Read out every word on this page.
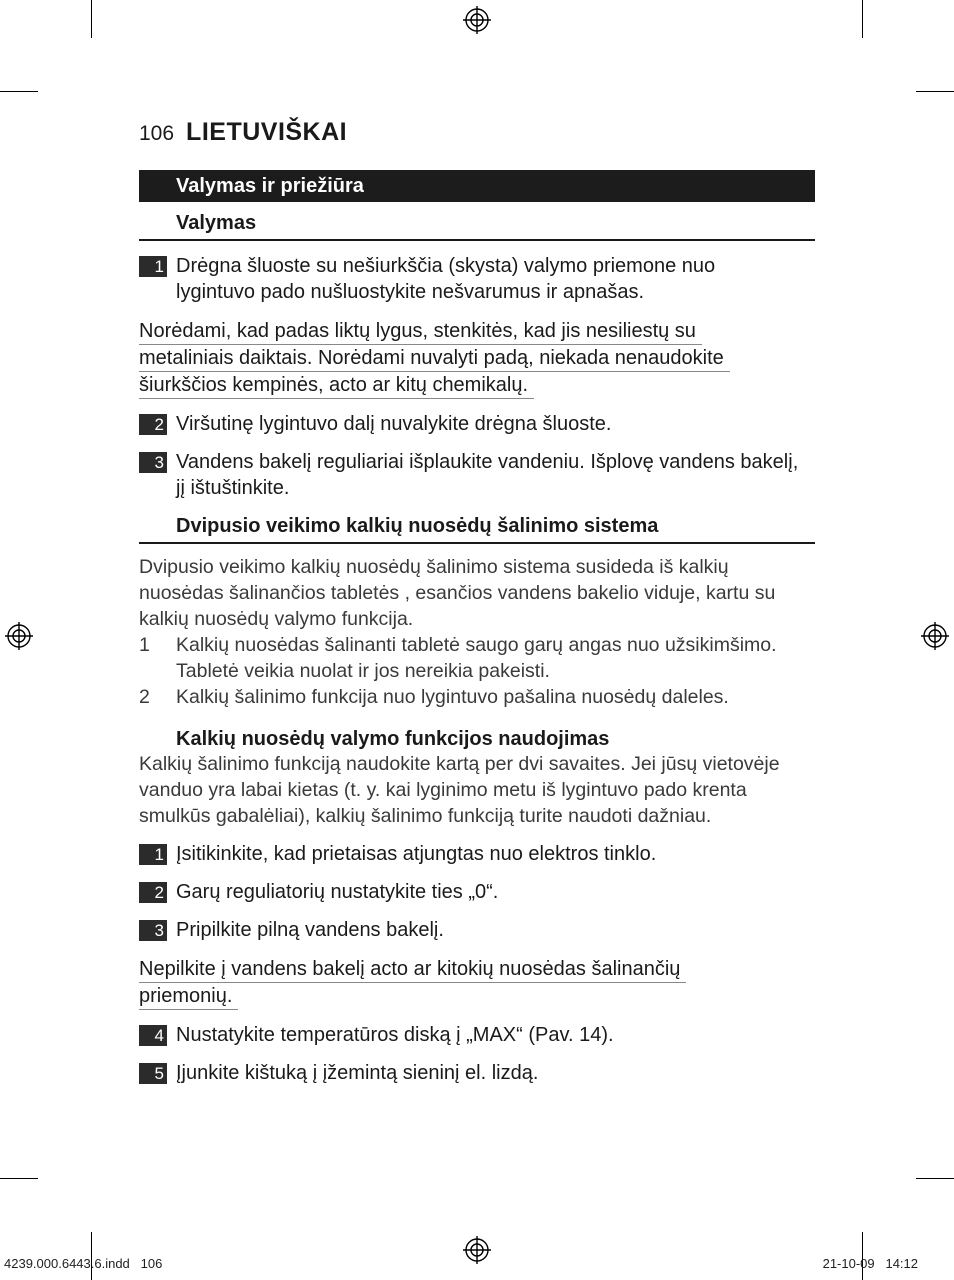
106 LIETUVIŠKAI
Valymas ir priežiūra
Valymas
1 Drėgna šluoste su nešiurkščia (skysta) valymo priemone nuo
lygintuvo pado nušluostykite nešvarumus ir apnašas.
Norėdami, kad padas liktų lygus, stenkitės, kad jis nesiliestų su
metaliniais daiktais. Norėdami nuvalyti padą, niekada nenaudokite
šiurkščios kempinės, acto ar kitų chemikalų.
2 Viršutinę lygintuvo dalį nuvalykite drėgna šluoste.
3 Vandens bakelį reguliariai išplaukite vandeniu. Išplovę vandens bakelį,
jį ištuštinkite.
Dvipusio veikimo kalkių nuosėdų šalinimo sistema
Dvipusio veikimo kalkių nuosėdų šalinimo sistema susideda iš kalkių
nuosėdas šalinančios tabletės , esančios vandens bakelio viduje, kartu su
kalkių nuosėdų valymo funkcija.
1	Kalkių nuosėdas šalinanti tabletė saugo garų angas nuo užsikimšimo.
Tabletė veikia nuolat ir jos nereikia pakeisti.
2	Kalkių šalinimo funkcija nuo lygintuvo pašalina nuosėdų daleles.
Kalkių nuosėdų valymo funkcijos naudojimas
Kalkių šalinimo funkciją naudokite kartą per dvi savaites. Jei jūsų vietovėje
vanduo yra labai kietas (t. y. kai lyginimo metu iš lygintuvo pado krenta
smulkūs gabalėliai), kalkių šalinimo funkciją turite naudoti dažniau.
1 Įsitikinkite, kad prietaisas atjungtas nuo elektros tinklo.
2 Garų reguliatorių nustatykite ties „0“.
3 Pripilkite pilną vandens bakelį.
Nepilkite į vandens bakelį acto ar kitokių nuosėdas šalinančių
priemonių.
4 Nustatykite temperatūros diską į „MAX“ (Pav. 14).
5 Įjunkite kištuką į įžemintą sieninį el. lizdą.
4239.000.6443.6.indd   106	21-10-09   14:12
